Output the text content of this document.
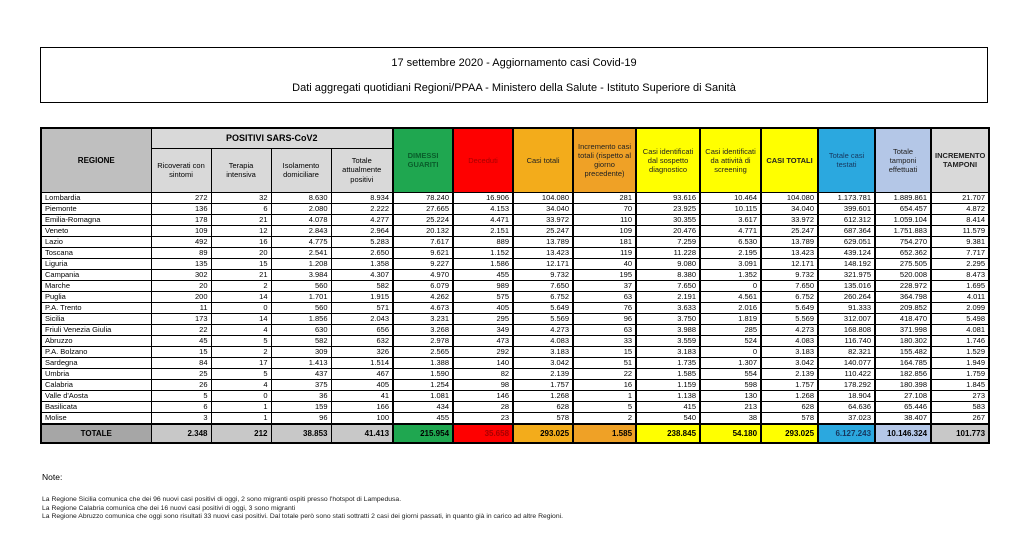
17 settembre 2020 - Aggiornamento casi Covid-19
Dati aggregati quotidiani Regioni/PPAA - Ministero della Salute - Istituto Superiore di Sanità
REGIONE	POSITIVI SARS-CoV2				DIMESSI GUARITI	Deceduti	Casi totali	Incremento casi totali (rispetto al giorno precedente)	Casi identificati dal sospetto diagnostico	Casi identificati da attività di screening	CASI TOTALI	Totale casi testati	Totale tamponi effettuati	INCREMENTO TAMPONI
	Ricoverati con sintomi	Terapia intensiva	Isolamento domiciliare	Totale attualmente positivi										
Lombardia	272	32	8.630	8.934	78.240	16.906	104.080	281	93.616	10.464	104.080	1.173.781	1.889.861	21.707
Piemonte	136	6	2.080	2.222	27.665	4.153	34.040	70	23.925	10.115	34.040	399.601	654.457	4.872
Emilia-Romagna	178	21	4.078	4.277	25.224	4.471	33.972	110	30.355	3.617	33.972	612.312	1.059.104	8.414
Veneto	109	12	2.843	2.964	20.132	2.151	25.247	109	20.476	4.771	25.247	687.364	1.751.883	11.579
Lazio	492	16	4.775	5.283	7.617	889	13.789	181	7.259	6.530	13.789	629.051	754.270	9.381
Toscana	89	20	2.541	2.650	9.621	1.152	13.423	119	11.228	2.195	13.423	439.124	652.362	7.717
Liguria	135	15	1.208	1.358	9.227	1.586	12.171	40	9.080	3.091	12.171	148.192	275.505	2.295
Campania	302	21	3.984	4.307	4.970	455	9.732	195	8.380	1.352	9.732	321.975	520.008	8.473
Marche	20	2	560	582	6.079	989	7.650	37	7.650	0	7.650	135.016	228.972	1.695
Puglia	200	14	1.701	1.915	4.262	575	6.752	63	2.191	4.561	6.752	260.264	364.798	4.011
P.A. Trento	11	0	560	571	4.673	405	5.649	76	3.633	2.016	5.649	91.333	209.852	2.099
Sicilia	173	14	1.856	2.043	3.231	295	5.569	96	3.750	1.819	5.569	312.007	418.470	5.498
Friuli Venezia Giulia	22	4	630	656	3.268	349	4.273	63	3.988	285	4.273	168.808	371.998	4.081
Abruzzo	45	5	582	632	2.978	473	4.083	33	3.559	524	4.083	116.740	180.302	1.746
P.A. Bolzano	15	2	309	326	2.565	292	3.183	15	3.183	0	3.183	82.321	155.482	1.529
Sardegna	84	17	1.413	1.514	1.388	140	3.042	51	1.735	1.307	3.042	140.077	164.785	1.949
Umbria	25	5	437	467	1.590	82	2.139	22	1.585	554	2.139	110.422	182.856	1.759
Calabria	26	4	375	405	1.254	98	1.757	16	1.159	598	1.757	178.292	180.398	1.845
Valle d'Aosta	5	0	36	41	1.081	146	1.268	1	1.138	130	1.268	18.904	27.108	273
Basilicata	6	1	159	166	434	28	628	5	415	213	628	64.636	65.446	583
Molise	3	1	96	100	455	23	578	2	540	38	578	37.023	38.407	267
TOTALE	2.348	212	38.853	41.413	215.954	35.658	293.025	1.585	238.845	54.180	293.025	6.127.243	10.146.324	101.773
Note:
La Regione Sicilia comunica che dei 96 nuovi casi positivi di oggi, 2 sono migranti ospiti presso l'hotspot di Lampedusa.
La Regione Calabria comunica che dei 16 nuovi casi positivi di oggi, 3 sono migranti
La Regione Abruzzo comunica che oggi sono risultati 33 nuovi casi positivi. Dal totale però sono stati sottratti 2 casi dei giorni passati, in quanto già in carico ad altre Regioni.
